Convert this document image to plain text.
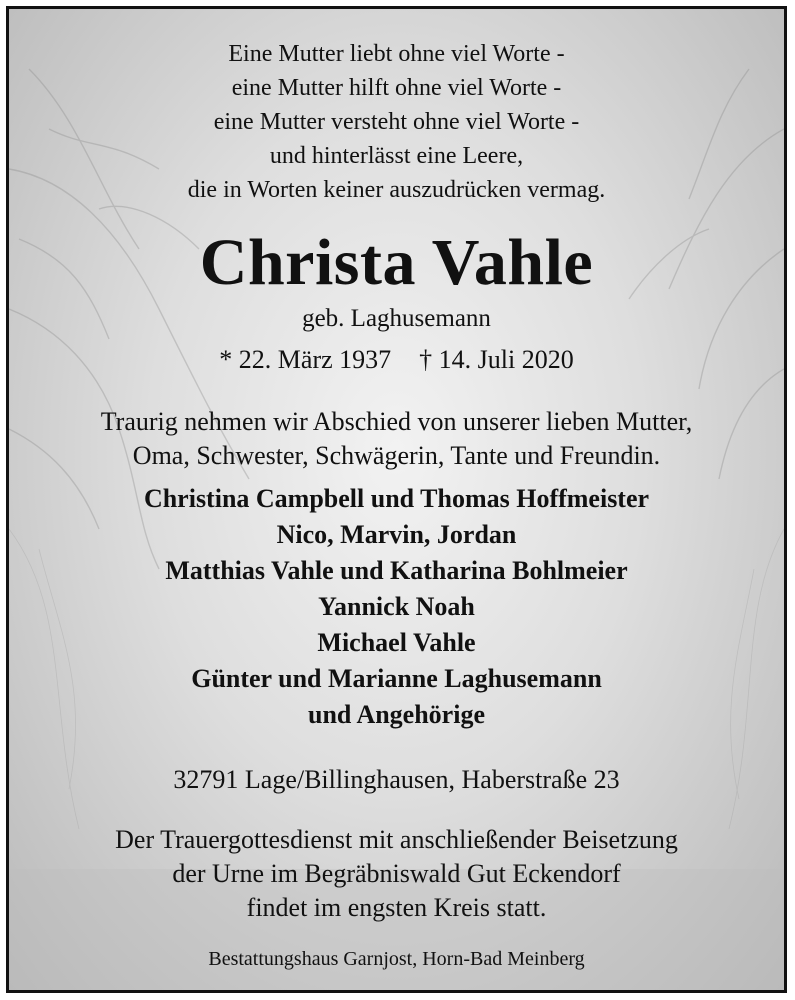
Eine Mutter liebt ohne viel Worte -
eine Mutter hilft ohne viel Worte -
eine Mutter versteht ohne viel Worte -
und hinterlässt eine Leere,
die in Worten keiner auszudrücken vermag.
Christa Vahle
geb. Laghusemann
* 22. März 1937 † 14. Juli 2020
Traurig nehmen wir Abschied von unserer lieben Mutter,
Oma, Schwester, Schwägerin, Tante und Freundin.
Christina Campbell und Thomas Hoffmeister
Nico, Marvin, Jordan
Matthias Vahle und Katharina Bohlmeier
Yannick Noah
Michael Vahle
Günter und Marianne Laghusemann
und Angehörige
32791 Lage/Billinghausen, Haberstraße 23
Der Trauergottesdienst mit anschließender Beisetzung
der Urne im Begräbniswald Gut Eckendorf
findet im engsten Kreis statt.
Bestattungshaus Garnjost, Horn-Bad Meinberg
